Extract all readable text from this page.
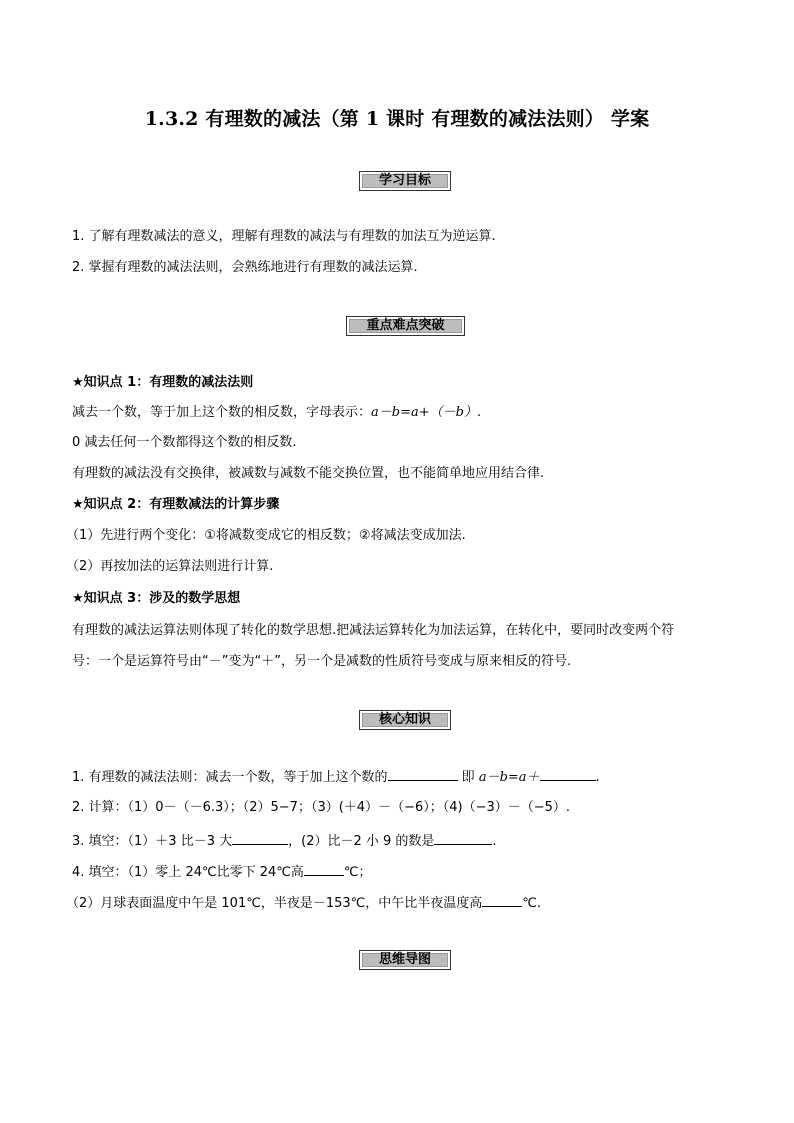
1.3.2 有理数的减法（第 1 课时 有理数的减法法则） 学案
学习目标
1. 了解有理数减法的意义，理解有理数的减法与有理数的加法互为逆运算.
2. 掌握有理数的减法法则，会熟练地进行有理数的减法运算.
重点难点突破
★知识点 1：有理数的减法法则
减去一个数，等于加上这个数的相反数，字母表示：a－b=a+（－b）.
0 减去任何一个数都得这个数的相反数.
有理数的减法没有交换律，被减数与减数不能交换位置，也不能简单地应用结合律.
★知识点 2：有理数减法的计算步骤
（1）先进行两个变化：①将减数变成它的相反数；②将减法变成加法.
（2）再按加法的运算法则进行计算.
★知识点 3：涉及的数学思想
有理数的减法运算法则体现了转化的数学思想.把减法运算转化为加法运算，在转化中，要同时改变两个符
号：一个是运算符号由“－”变为“＋”，另一个是减数的性质符号变成与原来相反的符号.
核心知识
1. 有理数的减法法则：减去一个数，等于加上这个数的	即 a－b=a＋	.
2. 计算：（1）0－（－6.3）；（2）5−7；（3）(＋4）－（−6）；（4)（−3）－（−5）.
3. 填空：（1）＋3 比－3 大	，(2）比－2 小 9 的数是	.
4. 填空：（1）零上 24℃比零下 24℃高	℃；
（2）月球表面温度中午是 101℃，半夜是－153℃，中午比半夜温度高	℃.
思维导图
